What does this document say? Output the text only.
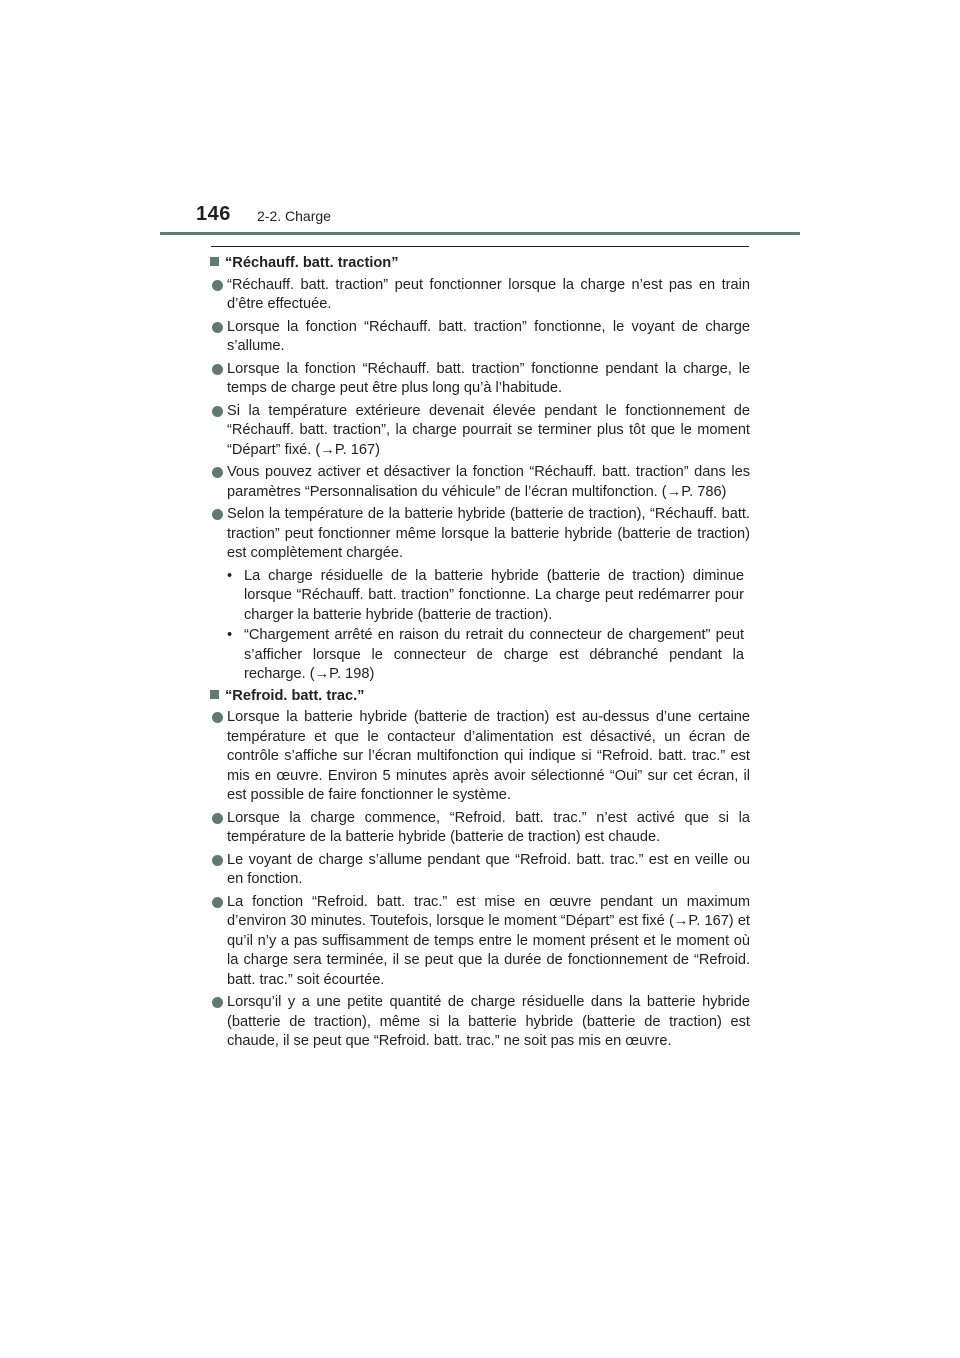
146 2-2. Charge
“Réchauff. batt. traction”
“Réchauff. batt. traction” peut fonctionner lorsque la charge n’est pas en train d’être effectuée.
Lorsque la fonction “Réchauff. batt. traction” fonctionne, le voyant de charge s’allume.
Lorsque la fonction “Réchauff. batt. traction” fonctionne pendant la charge, le temps de charge peut être plus long qu’à l’habitude.
Si la température extérieure devenait élevée pendant le fonctionnement de “Réchauff. batt. traction”, la charge pourrait se terminer plus tôt que le moment “Départ” fixé. (→P. 167)
Vous pouvez activer et désactiver la fonction “Réchauff. batt. traction” dans les paramètres “Personnalisation du véhicule” de l’écran multifonction. (→P. 786)
Selon la température de la batterie hybride (batterie de traction), “Réchauff. batt. traction” peut fonctionner même lorsque la batterie hybride (batterie de traction) est complètement chargée.
• La charge résiduelle de la batterie hybride (batterie de traction) diminue lorsque “Réchauff. batt. traction” fonctionne. La charge peut redémarrer pour charger la batterie hybride (batterie de traction).
• “Chargement arrêté en raison du retrait du connecteur de chargement” peut s’afficher lorsque le connecteur de charge est débranché pendant la recharge. (→P. 198)
“Refroid. batt. trac.”
Lorsque la batterie hybride (batterie de traction) est au-dessus d’une certaine température et que le contacteur d’alimentation est désactivé, un écran de contrôle s’affiche sur l’écran multifonction qui indique si “Refroid. batt. trac.” est mis en œuvre. Environ 5 minutes après avoir sélectionné “Oui” sur cet écran, il est possible de faire fonctionner le système.
Lorsque la charge commence, “Refroid. batt. trac.” n’est activé que si la température de la batterie hybride (batterie de traction) est chaude.
Le voyant de charge s’allume pendant que “Refroid. batt. trac.” est en veille ou en fonction.
La fonction “Refroid. batt. trac.” est mise en œuvre pendant un maximum d’environ 30 minutes. Toutefois, lorsque le moment “Départ” est fixé (→P. 167) et qu’il n’y a pas suffisamment de temps entre le moment présent et le moment où la charge sera terminée, il se peut que la durée de fonctionnement de “Refroid. batt. trac.” soit écourtée.
Lorsqu’il y a une petite quantité de charge résiduelle dans la batterie hybride (batterie de traction), même si la batterie hybride (batterie de traction) est chaude, il se peut que “Refroid. batt. trac.” ne soit pas mis en œuvre.
